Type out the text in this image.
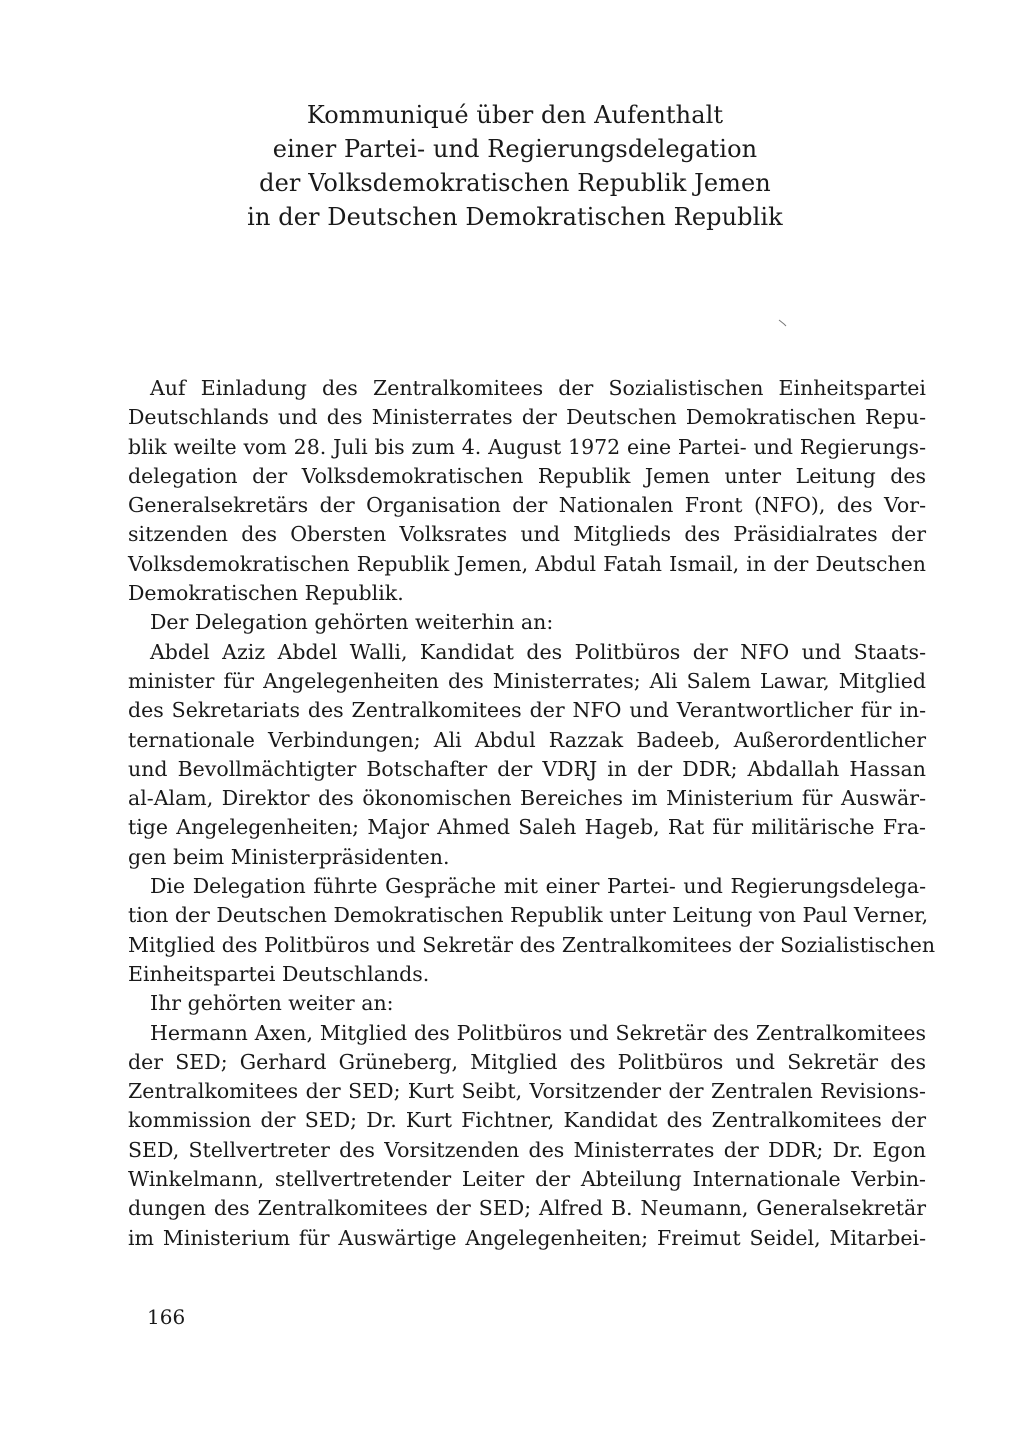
Kommuniqué über den Aufenthalt
einer Partei- und Regierungsdelegation
der Volksdemokratischen Republik Jemen
in der Deutschen Demokratischen Republik
Auf Einladung des Zentralkomitees der Sozialistischen Einheitspartei
Deutschlands und des Ministerrates der Deutschen Demokratischen Repu-
blik weilte vom 28. Juli bis zum 4. August 1972 eine Partei- und Regierungs-
delegation der Volksdemokratischen Republik Jemen unter Leitung des
Generalsekretärs der Organisation der Nationalen Front (NFO), des Vor-
sitzenden des Obersten Volksrates und Mitglieds des Präsidialrates der
Volksdemokratischen Republik Jemen, Abdul Fatah Ismail, in der Deutschen
Demokratischen Republik.
Der Delegation gehörten weiterhin an:
Abdel Aziz Abdel Walli, Kandidat des Politbüros der NFO und Staats-
minister für Angelegenheiten des Ministerrates; Ali Salem Lawar, Mitglied
des Sekretariats des Zentralkomitees der NFO und Verantwortlicher für in-
ternationale Verbindungen; Ali Abdul Razzak Badeeb, Außerordentlicher
und Bevollmächtigter Botschafter der VDRJ in der DDR; Abdallah Hassan
al-Alam, Direktor des ökonomischen Bereiches im Ministerium für Auswär-
tige Angelegenheiten; Major Ahmed Saleh Hageb, Rat für militärische Fra-
gen beim Ministerpräsidenten.
Die Delegation führte Gespräche mit einer Partei- und Regierungsdelega-
tion der Deutschen Demokratischen Republik unter Leitung von Paul Verner,
Mitglied des Politbüros und Sekretär des Zentralkomitees der Sozialistischen
Einheitspartei Deutschlands.
Ihr gehörten weiter an:
Hermann Axen, Mitglied des Politbüros und Sekretär des Zentralkomitees
der SED; Gerhard Grüneberg, Mitglied des Politbüros und Sekretär des
Zentralkomitees der SED; Kurt Seibt, Vorsitzender der Zentralen Revisions-
kommission der SED; Dr. Kurt Fichtner, Kandidat des Zentralkomitees der
SED, Stellvertreter des Vorsitzenden des Ministerrates der DDR; Dr. Egon
Winkelmann, stellvertretender Leiter der Abteilung Internationale Verbin-
dungen des Zentralkomitees der SED; Alfred B. Neumann, Generalsekretär
im Ministerium für Auswärtige Angelegenheiten; Freimut Seidel, Mitarbei-
166
